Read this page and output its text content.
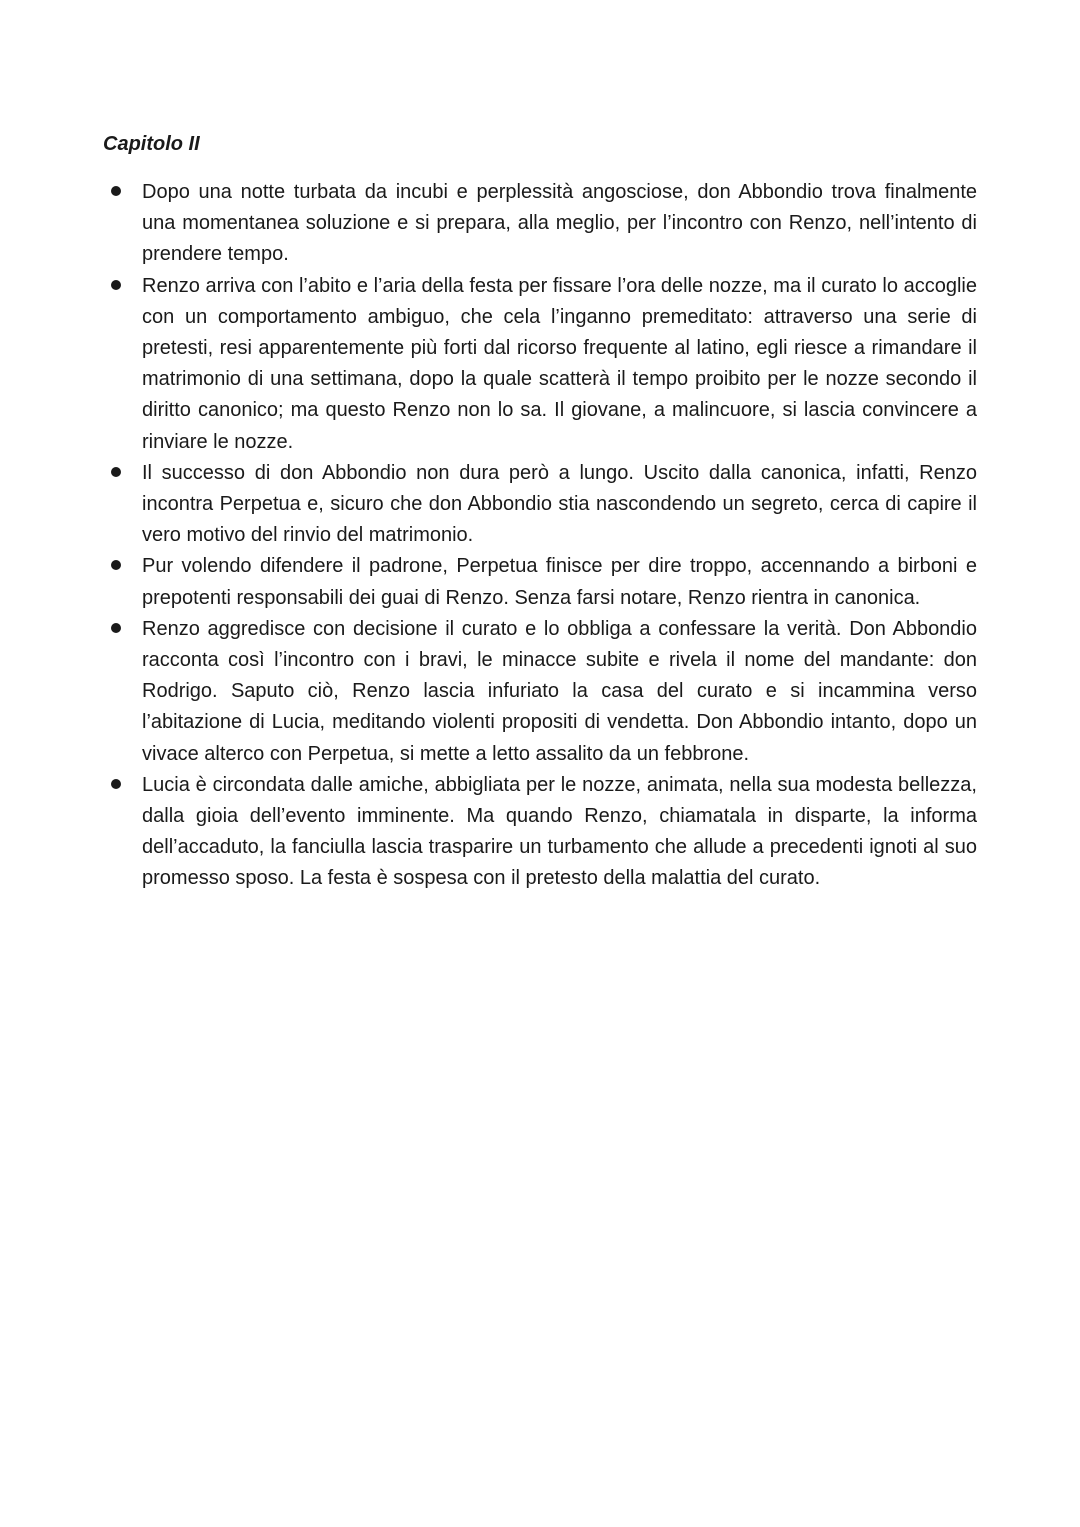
Capitolo II
Dopo una notte turbata da incubi e perplessità angosciose, don Abbondio trova finalmente una momentanea soluzione e si prepara, alla meglio, per l’incontro con Renzo, nell’intento di prendere tempo.
Renzo arriva con l’abito e l’aria della festa per fissare l’ora delle nozze, ma il curato lo accoglie con un comportamento ambiguo, che cela l’inganno premeditato: attraverso una serie di pretesti, resi apparentemente più forti dal ricorso frequente al latino, egli riesce a rimandare il matrimonio di una settimana, dopo la quale scatterà il tempo proibito per le nozze secondo il diritto canonico; ma questo Renzo non lo sa. Il giovane, a malincuore, si lascia convincere a rinviare le nozze.
Il successo di don Abbondio non dura però a lungo. Uscito dalla canonica, infatti, Renzo incontra Perpetua e, sicuro che don Abbondio stia nascondendo un segreto, cerca di capire il vero motivo del rinvio del matrimonio.
Pur volendo difendere il padrone, Perpetua finisce per dire troppo, accennando a birboni e prepotenti responsabili dei guai di Renzo. Senza farsi notare, Renzo rientra in canonica.
Renzo aggredisce con decisione il curato e lo obbliga a confessare la verità. Don Abbondio racconta così l’incontro con i bravi, le minacce subite e rivela il nome del mandante: don Rodrigo. Saputo ciò, Renzo lascia infuriato la casa del curato e si incammina verso l’abitazione di Lucia, meditando violenti propositi di vendetta. Don Abbondio intanto, dopo un vivace alterco con Perpetua, si mette a letto assalito da un febbrone.
Lucia è circondata dalle amiche, abbigliata per le nozze, animata, nella sua modesta bellezza, dalla gioia dell’evento imminente. Ma quando Renzo, chiamatala in disparte, la informa dell’accaduto, la fanciulla lascia trasparire un turbamento che allude a precedenti ignoti al suo promesso sposo. La festa è sospesa con il pretesto della malattia del curato.
